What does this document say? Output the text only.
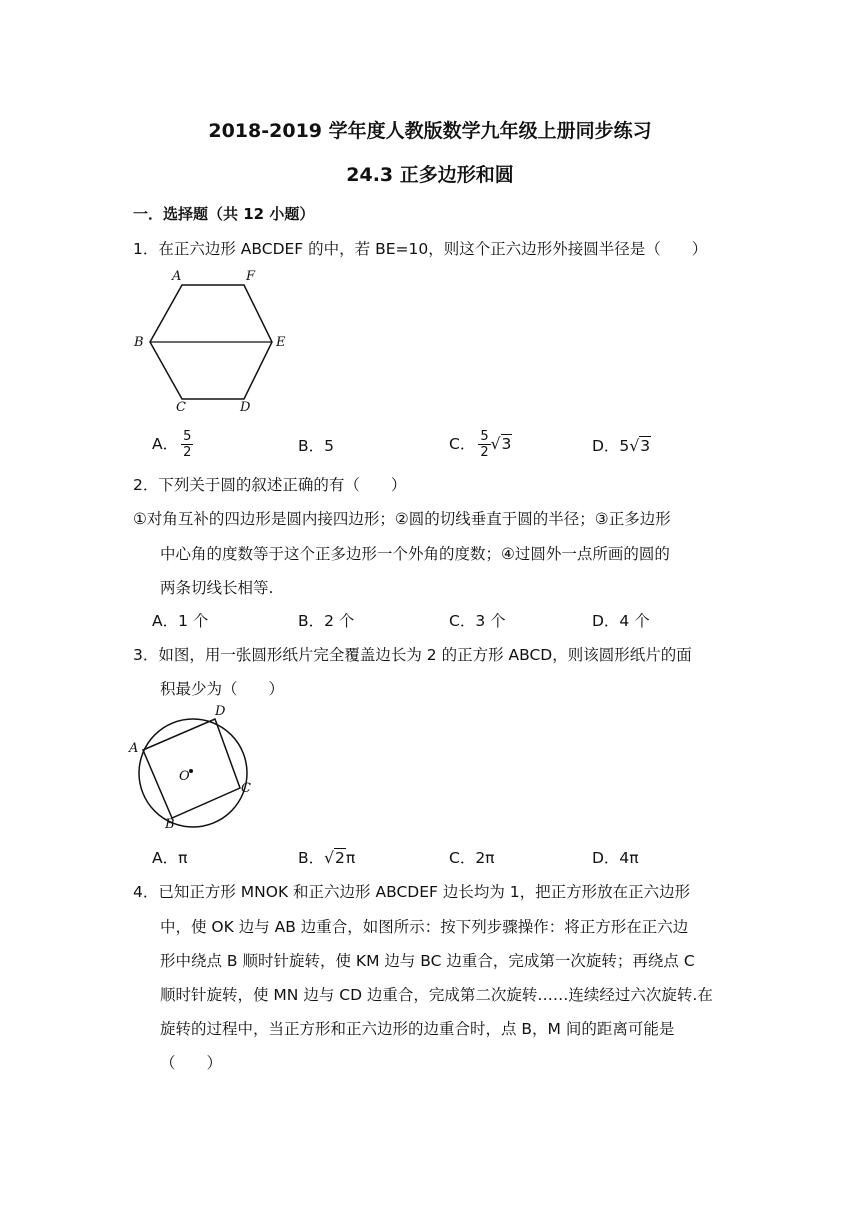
2018-2019 学年度人教版数学九年级上册同步练习
24.3 正多边形和圆
一．选择题（共 12 小题）
1．在正六边形 ABCDEF 的中，若 BE=10，则这个正六边形外接圆半径是（　　）
A	F
B	E
C	D
A． $\frac{5}{2}$	B．5	C． $\frac{5}{2} √3$	D．5√3
2．下列关于圆的叙述正确的有（　　）
①对角互补的四边形是圆内接四边形；②圆的切线垂直于圆的半径；③正多边形
中心角的度数等于这个正多边形一个外角的度数；④过圆外一点所画的圆的
两条切线长相等.
A．1 个	B．2 个	C．3 个	D．4 个
3．如图，用一张圆形纸片完全覆盖边长为 2 的正方形 ABCD，则该圆形纸片的面
积最少为（　　）
A
D
C
B
O
A．π	B．√2π	C．2π	D．4π
4．已知正方形 MNOK 和正六边形 ABCDEF 边长均为 1，把正方形放在正六边形
中，使 OK 边与 AB 边重合，如图所示：按下列步骤操作：将正方形在正六边
形中绕点 B 顺时针旋转，使 KM 边与 BC 边重合，完成第一次旋转；再绕点 C
顺时针旋转，使 MN 边与 CD 边重合，完成第二次旋转……连续经过六次旋转.在
旋转的过程中，当正方形和正六边形的边重合时，点 B，M 间的距离可能是
（　　）
